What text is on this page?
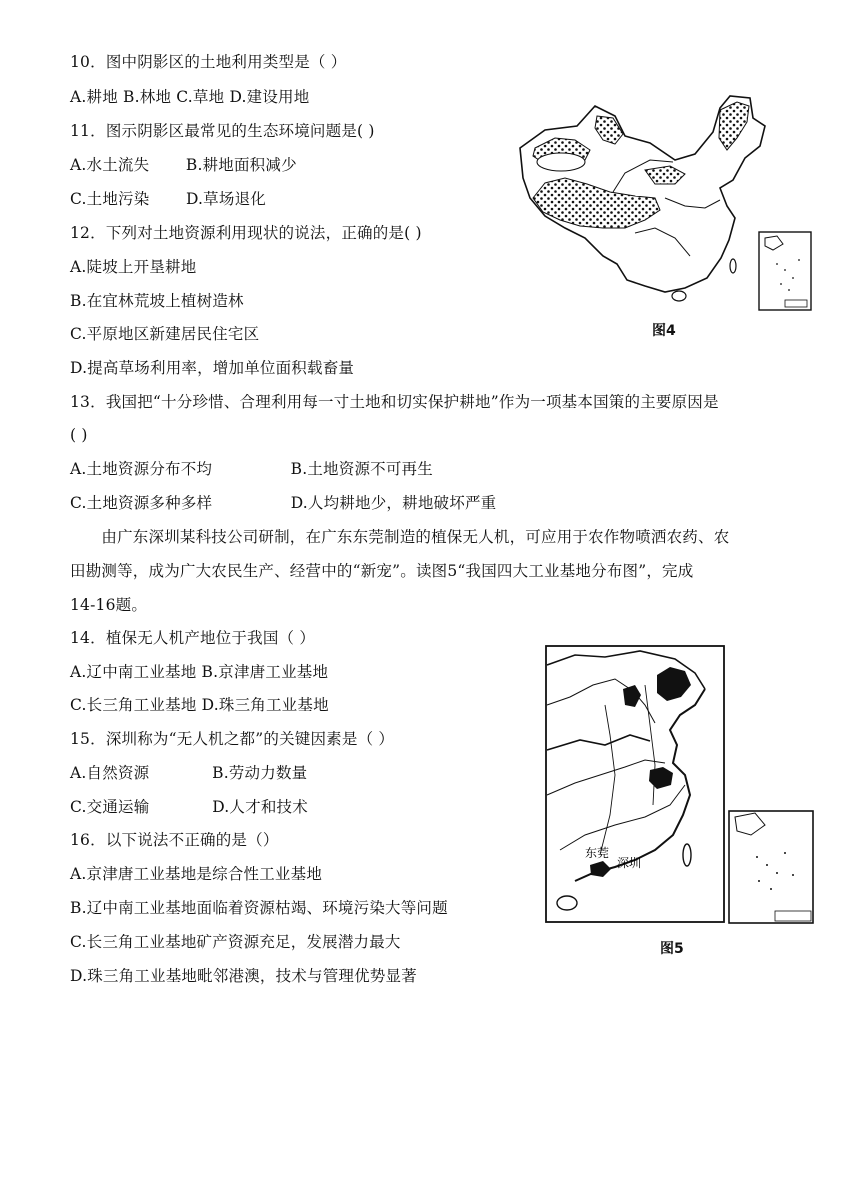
10．图中阴影区的土地利用类型是（ ）
A.耕地 B.林地 C.草地 D.建设用地
11．图示阴影区最常见的生态环境问题是( )
A.水土流失　　 B.耕地面积减少
C.土地污染　　 D.草场退化
12．下列对土地资源利用现状的说法，正确的是( )
A.陡坡上开垦耕地
B.在宜林荒坡上植树造林
C.平原地区新建居民住宅区
D.提高草场利用率，增加单位面积载畜量
13．我国把“十分珍惜、合理利用每一寸土地和切实保护耕地”作为一项基本国策的主要原因是
( )
A.土地资源分布不均　　　　　B.土地资源不可再生
C.土地资源多种多样　　　　　D.人均耕地少，耕地破坏严重
　　由广东深圳某科技公司研制，在广东东莞制造的植保无人机，可应用于农作物喷洒农药、农
田勘测等，成为广大农民生产、经营中的“新宠”。读图5“我国四大工业基地分布图”，完成
14-16题。
14．植保无人机产地位于我国（ ）
A.辽中南工业基地 B.京津唐工业基地
C.长三角工业基地 D.珠三角工业基地
15．深圳称为“无人机之都”的关键因素是（ ）
A.自然资源　　　　B.劳动力数量
C.交通运输　　　　D.人才和技术
16．以下说法不正确的是（）
A.京津唐工业基地是综合性工业基地
B.辽中南工业基地面临着资源枯竭、环境污染大等问题
C.长三角工业基地矿产资源充足，发展潜力最大
D.珠三角工业基地毗邻港澳，技术与管理优势显著
图4
东莞
深圳
图5
